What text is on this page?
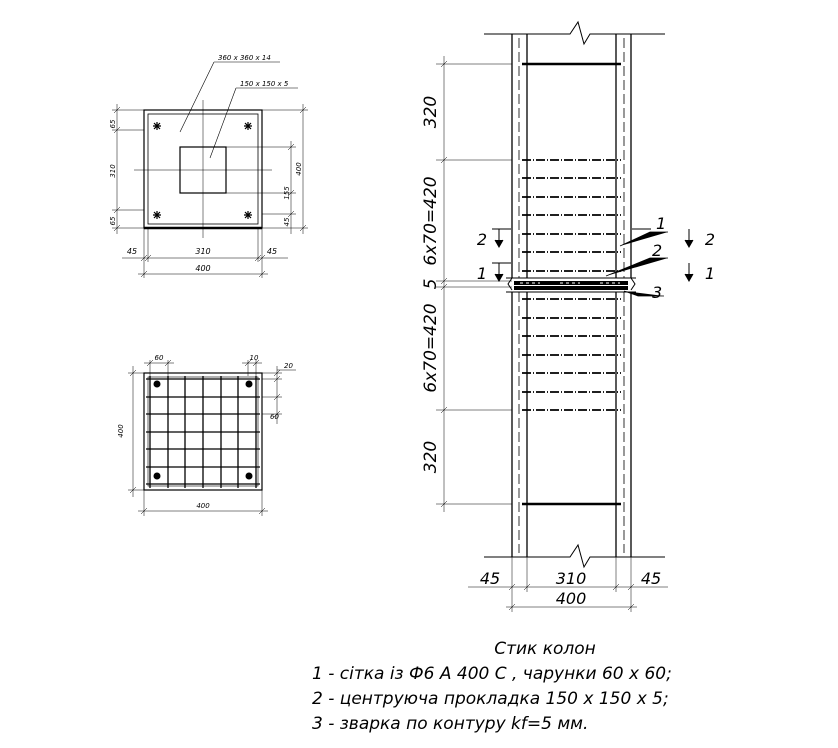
360 x 360 x 14
150 x 150 x 5
65
310
65
400
155
45
45	310	45
400
60	10
20
60
400
400
320
6x70=420
5
6x70=420
320
2	2
1	1
1
2
3
45	310	45
400
Стик колон
1 - сітка із Ф6 А 400 С , чарунки 60 x 60;
2 - центруюча прокладка 150 x 150 x 5;
3 - зварка по контуру kf=5 мм.
